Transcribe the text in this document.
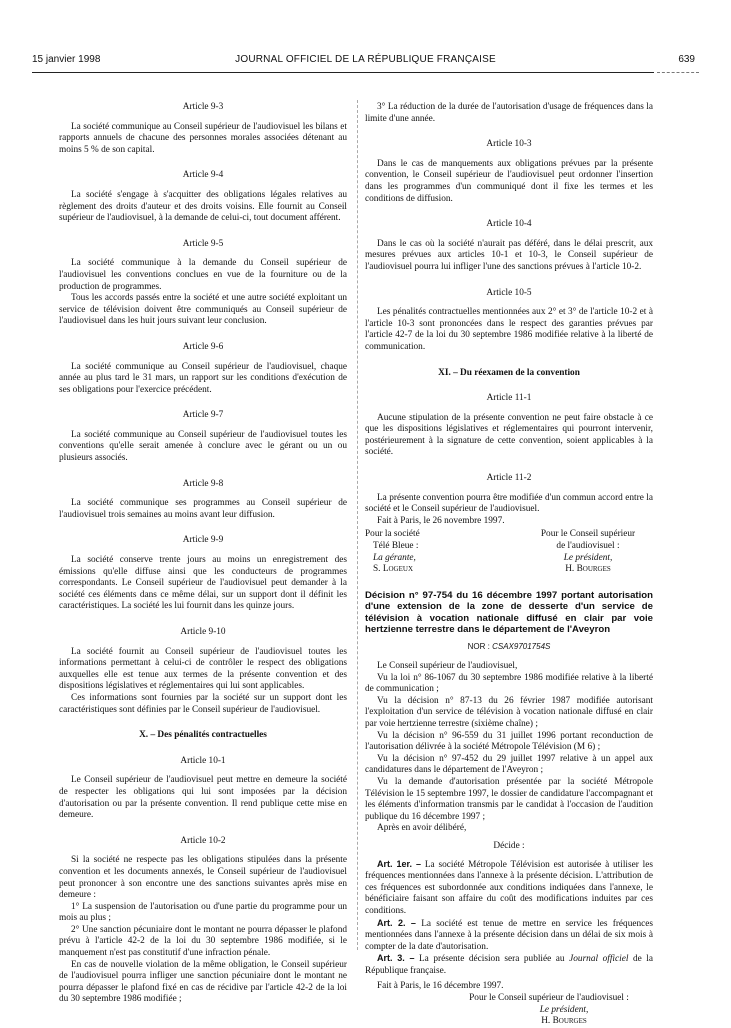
15 janvier 1998	JOURNAL OFFICIEL DE LA RÉPUBLIQUE FRANÇAISE	639
Article 9-3

La société communique au Conseil supérieur de l'audiovisuel les bilans et rapports annuels de chacune des personnes morales associées détenant au moins 5 % de son capital.

Article 9-4

La société s'engage à s'acquitter des obligations légales relatives au règlement des droits d'auteur et des droits voisins. Elle fournit au Conseil supérieur de l'audiovisuel, à la demande de celui-ci, tout document afférent.

Article 9-5

La société communique à la demande du Conseil supérieur de l'audiovisuel les conventions conclues en vue de la fourniture ou de la production de programmes.

Tous les accords passés entre la société et une autre société exploitant un service de télévision doivent être communiqués au Conseil supérieur de l'audiovisuel dans les huit jours suivant leur conclusion.

Article 9-6

La société communique au Conseil supérieur de l'audiovisuel, chaque année au plus tard le 31 mars, un rapport sur les conditions d'exécution de ses obligations pour l'exercice précédent.

Article 9-7

La société communique au Conseil supérieur de l'audiovisuel toutes les conventions qu'elle serait amenée à conclure avec le gérant ou un ou plusieurs associés.

Article 9-8

La société communique ses programmes au Conseil supérieur de l'audiovisuel trois semaines au moins avant leur diffusion.

Article 9-9

La société conserve trente jours au moins un enregistrement des émissions qu'elle diffuse ainsi que les conducteurs de programmes correspondants. Le Conseil supérieur de l'audiovisuel peut demander à la société ces éléments dans ce même délai, sur un support dont il définit les caractéristiques. La société les lui fournit dans les quinze jours.

Article 9-10

La société fournit au Conseil supérieur de l'audiovisuel toutes les informations permettant à celui-ci de contrôler le respect des obligations auxquelles elle est tenue aux termes de la présente convention et des dispositions législatives et réglementaires qui lui sont applicables.

Ces informations sont fournies par la société sur un support dont les caractéristiques sont définies par le Conseil supérieur de l'audiovisuel.

X. – Des pénalités contractuelles
Article 10-1

Le Conseil supérieur de l'audiovisuel peut mettre en demeure la société de respecter les obligations qui lui sont imposées par la décision d'autorisation ou par la présente convention. Il rend publique cette mise en demeure.

Article 10-2

Si la société ne respecte pas les obligations stipulées dans la présente convention et les documents annexés, le Conseil supérieur de l'audiovisuel peut prononcer à son encontre une des sanctions suivantes après mise en demeure :

1° La suspension de l'autorisation ou d'une partie du programme pour un mois au plus ;

2° Une sanction pécuniaire dont le montant ne pourra dépasser le plafond prévu à l'article 42-2 de la loi du 30 septembre 1986 modifiée, si le manquement n'est pas constitutif d'une infraction pénale.

En cas de nouvelle violation de la même obligation, le Conseil supérieur de l'audiovisuel pourra infliger une sanction pécuniaire dont le montant ne pourra dépasser le plafond fixé en cas de récidive par l'article 42-2 de la loi du 30 septembre 1986 modifiée ;

3° La réduction de la durée de l'autorisation d'usage de fréquences dans la limite d'une année.

Article 10-3

Dans le cas de manquements aux obligations prévues par la présente convention, le Conseil supérieur de l'audiovisuel peut ordonner l'insertion dans les programmes d'un communiqué dont il fixe les termes et les conditions de diffusion.

Article 10-4

Dans le cas où la société n'aurait pas déféré, dans le délai prescrit, aux mesures prévues aux articles 10-1 et 10-3, le Conseil supérieur de l'audiovisuel pourra lui infliger l'une des sanctions prévues à l'article 10-2.

Article 10-5

Les pénalités contractuelles mentionnées aux 2° et 3° de l'article 10-2 et à l'article 10-3 sont prononcées dans le respect des garanties prévues par l'article 42-7 de la loi du 30 septembre 1986 modifiée relative à la liberté de communication.

XI. – Du réexamen de la convention
Article 11-1

Aucune stipulation de la présente convention ne peut faire obstacle à ce que les dispositions législatives et réglementaires qui pourront intervenir, postérieurement à la signature de cette convention, soient applicables à la société.

Article 11-2

La présente convention pourra être modifiée d'un commun accord entre la société et le Conseil supérieur de l'audiovisuel.

Fait à Paris, le 26 novembre 1997.

Pour la société
Télé Bleue :
La gérante,
S. Logeux
Pour le Conseil supérieur
de l'audiovisuel :
Le président,
H. Bourges
Décision n° 97-754 du 16 décembre 1997 portant autorisation d'une extension de la zone de desserte d'un service de télévision à vocation nationale diffusé en clair par voie hertzienne terrestre dans le département de l'Aveyron
NOR : CSAX9701754S

Le Conseil supérieur de l'audiovisuel,

Vu la loi n° 86-1067 du 30 septembre 1986 modifiée relative à la liberté de communication ;

Vu la décision n° 87-13 du 26 février 1987 modifiée autorisant l'exploitation d'un service de télévision à vocation nationale diffusé en clair par voie hertzienne terrestre (sixième chaîne) ;

Vu la décision n° 96-559 du 31 juillet 1996 portant reconduction de l'autorisation délivrée à la société Métropole Télévision (M 6) ;

Vu la décision n° 97-452 du 29 juillet 1997 relative à un appel aux candidatures dans le département de l'Aveyron ;

Vu la demande d'autorisation présentée par la société Métropole Télévision le 15 septembre 1997, le dossier de candidature l'accompagnant et les éléments d'information transmis par le candidat à l'occasion de l'audition publique du 16 décembre 1997 ;

Après en avoir délibéré,

Décide :

Art. 1er. – La société Métropole Télévision est autorisée à utiliser les fréquences mentionnées dans l'annexe à la présente décision. L'attribution de ces fréquences est subordonnée aux conditions indiquées dans l'annexe, le bénéficiaire faisant son affaire du coût des modifications induites par ces conditions.

Art. 2. – La société est tenue de mettre en service les fréquences mentionnées dans l'annexe à la présente décision dans un délai de six mois à compter de la date d'autorisation.

Art. 3. – La présente décision sera publiée au Journal officiel de la République française.

Fait à Paris, le 16 décembre 1997.

Pour le Conseil supérieur de l'audiovisuel :
Le président,
H. Bourges
